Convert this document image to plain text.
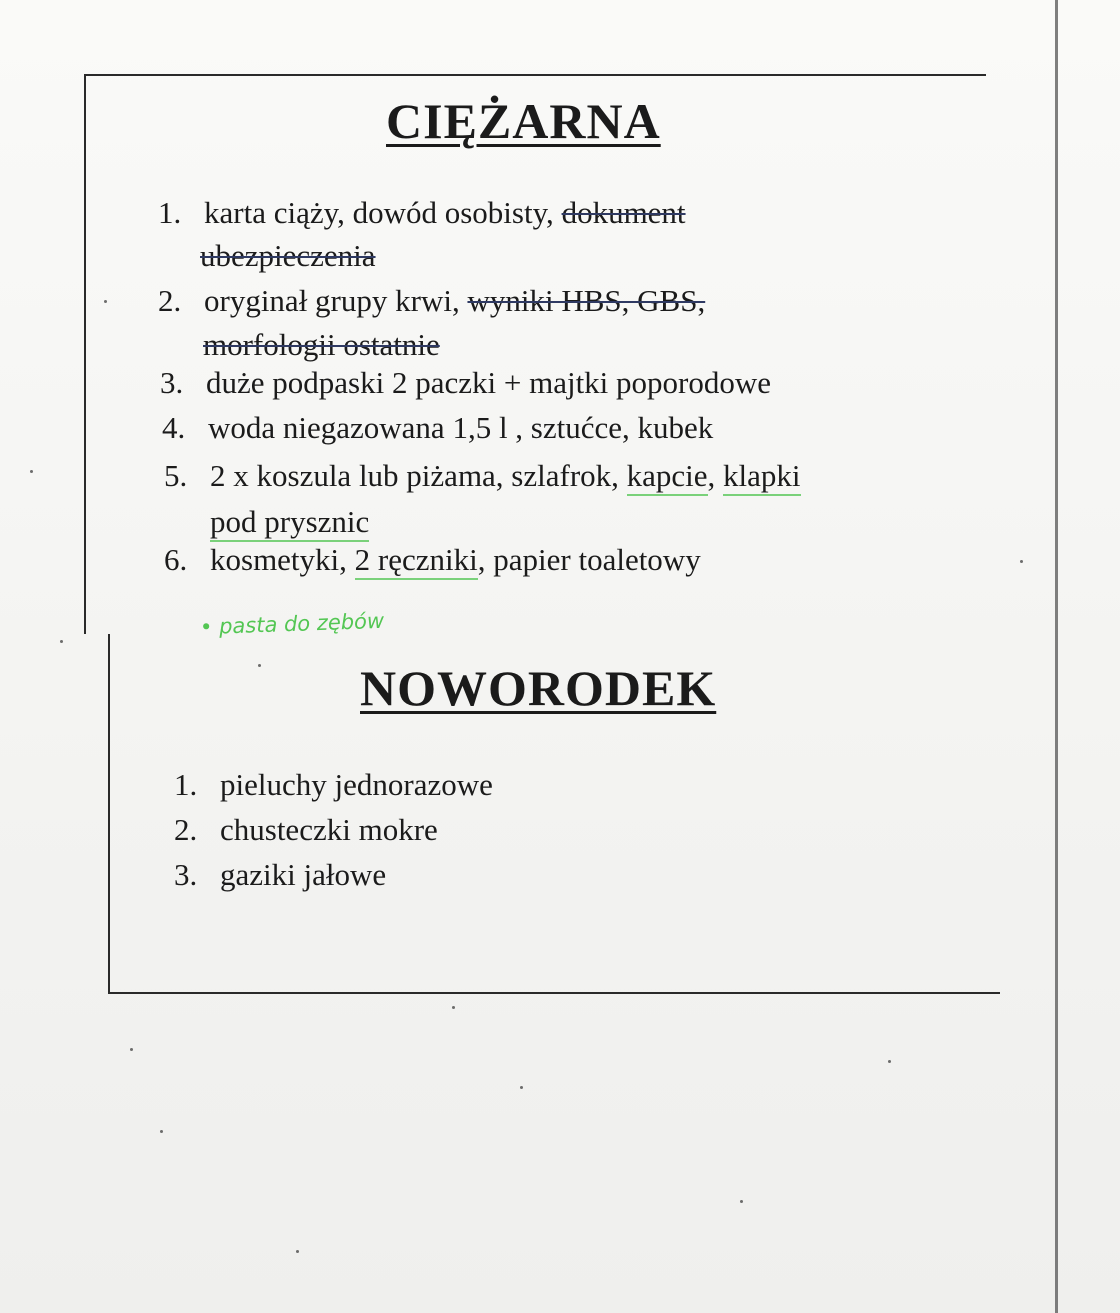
CIĘŻARNA
1. karta ciąży, dowód osobisty, dokument
ubezpieczenia
2. oryginał grupy krwi, wyniki HBS, GBS,
morfologii ostatnie
3. duże podpaski 2 paczki + majtki poporodowe
4. woda niegazowana 1,5 l , sztućce, kubek
5. 2 x koszula lub piżama, szlafrok, kapcie, klapki
pod prysznic
6. kosmetyki, 2 ręczniki, papier toaletowy
• pasta do zębów
NOWORODEK
1. pieluchy jednorazowe
2. chusteczki mokre
3. gaziki jałowe
